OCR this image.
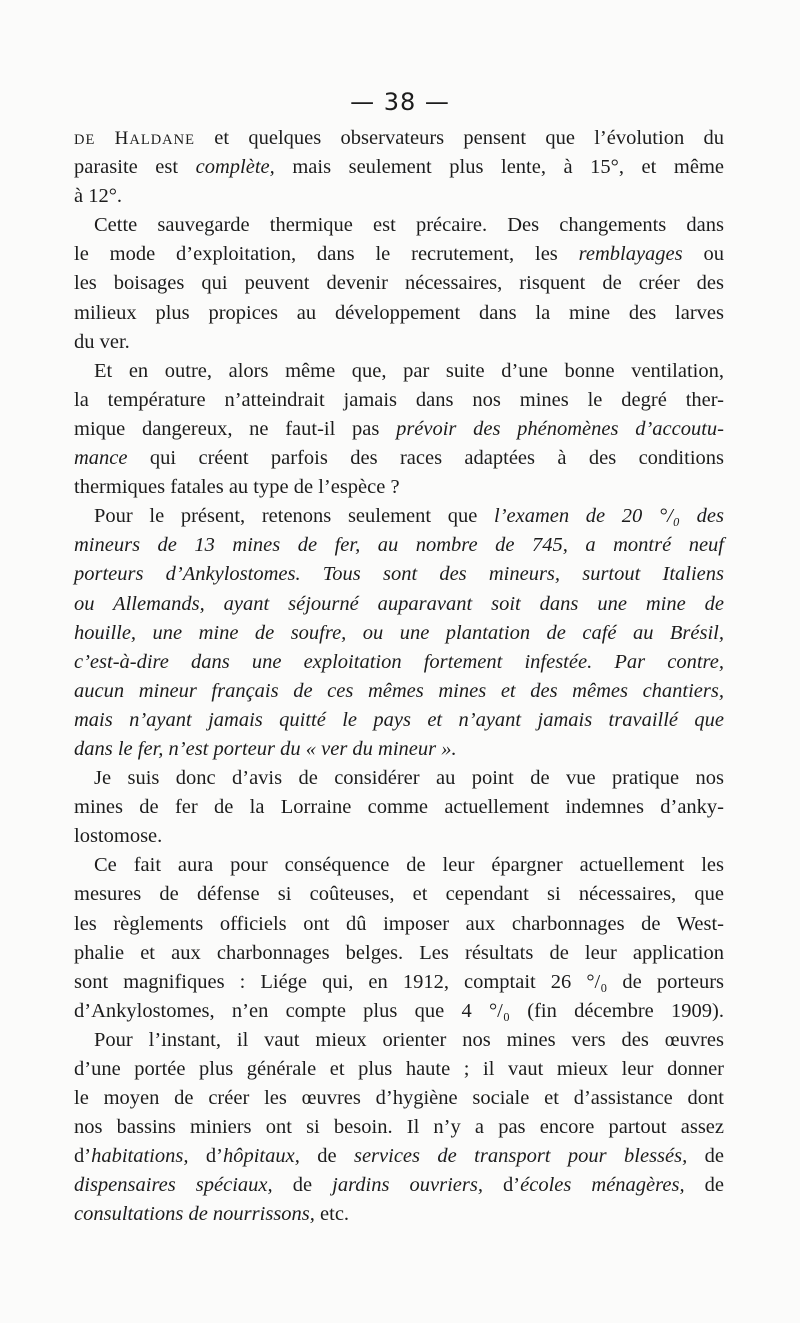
— 38 —
DE HALDANE et quelques observateurs pensent que l’évolution du
parasite est complète, mais seulement plus lente, à 15°, et même
à 12°.
Cette sauvegarde thermique est précaire. Des changements dans
le mode d’exploitation, dans le recrutement, les remblayages ou
les boisages qui peuvent devenir nécessaires, risquent de créer des
milieux plus propices au développement dans la mine des larves
du ver.
Et en outre, alors même que, par suite d’une bonne ventilation,
la température n’atteindrait jamais dans nos mines le degré ther-
mique dangereux, ne faut-il pas prévoir des phénomènes d’accoutu-
mance qui créent parfois des races adaptées à des conditions
thermiques fatales au type de l’espèce ?
Pour le présent, retenons seulement que l’examen de 20 °/₀ des
mineurs de 13 mines de fer, au nombre de 745, a montré neuf
porteurs d’Ankylostomes. Tous sont des mineurs, surtout Italiens
ou Allemands, ayant séjourné auparavant soit dans une mine de
houille, une mine de soufre, ou une plantation de café au Brésil,
c’est-à-dire dans une exploitation fortement infestée. Par contre,
aucun mineur français de ces mêmes mines et des mêmes chantiers,
mais n’ayant jamais quitté le pays et n’ayant jamais travaillé que
dans le fer, n’est porteur du « ver du mineur ».
Je suis donc d’avis de considérer au point de vue pratique nos
mines de fer de la Lorraine comme actuellement indemnes d’anky-
lostomose.
Ce fait aura pour conséquence de leur épargner actuellement les
mesures de défense si coûteuses, et cependant si nécessaires, que
les règlements officiels ont dû imposer aux charbonnages de West-
phalie et aux charbonnages belges. Les résultats de leur application
sont magnifiques : Liége qui, en 1912, comptait 26 °/₀ de porteurs
d’Ankylostomes, n’en compte plus que 4 °/₀ (fin décembre 1909).
Pour l’instant, il vaut mieux orienter nos mines vers des œuvres
d’une portée plus générale et plus haute ; il vaut mieux leur donner
le moyen de créer les œuvres d’hygiène sociale et d’assistance dont
nos bassins miniers ont si besoin. Il n’y a pas encore partout assez
d’habitations, d’hôpitaux, de services de transport pour blessés, de
dispensaires spéciaux, de jardins ouvriers, d’écoles ménagères, de
consultations de nourrissons, etc.
